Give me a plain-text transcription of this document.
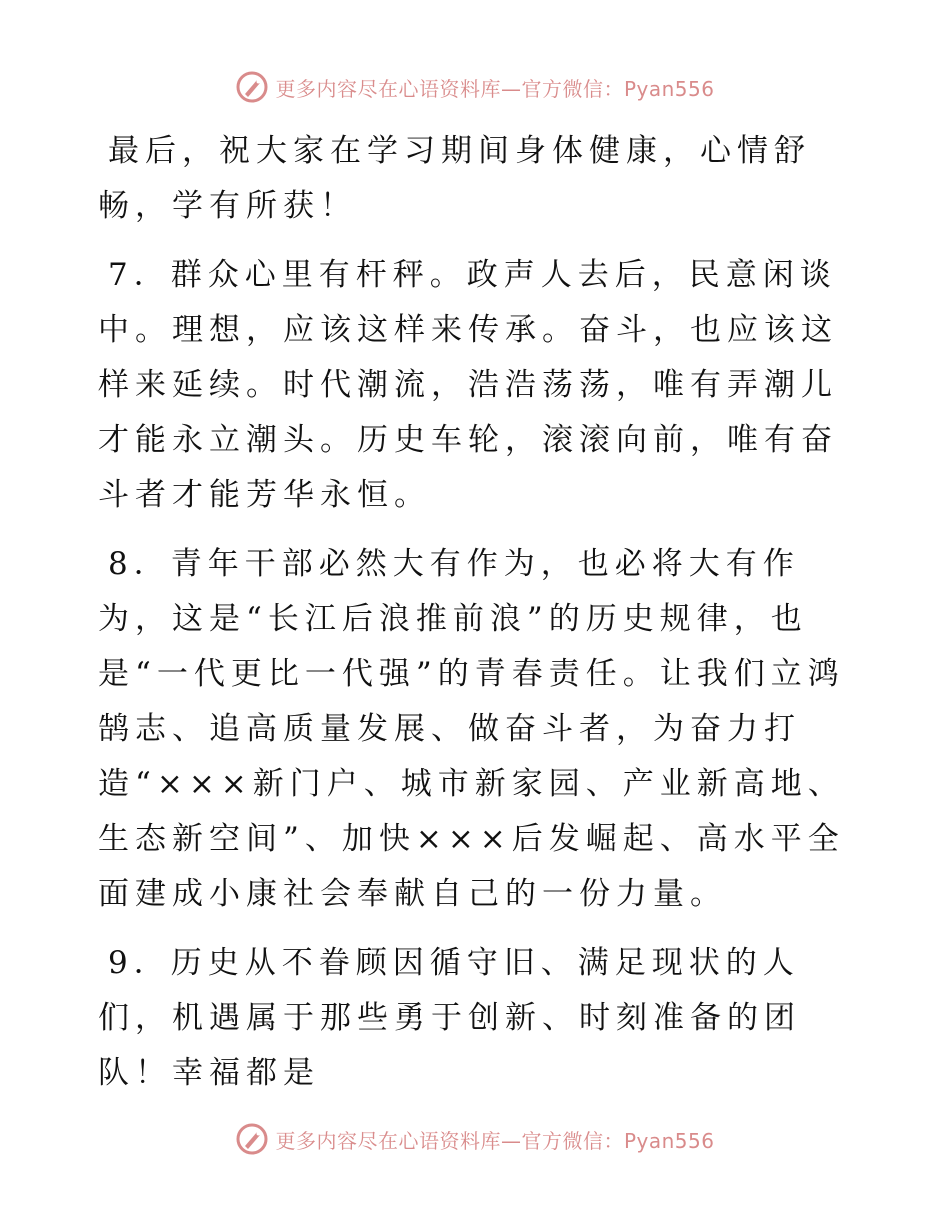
更多内容尽在心语资料库—官方微信：Pyan556

最后，祝大家在学习期间身体健康，心情舒畅，学有所获！

7．群众心里有杆秤。政声人去后，民意闲谈中。理想，应该这样来传承。奋斗，也应该这样来延续。时代潮流，浩浩荡荡，唯有弄潮儿才能永立潮头。历史车轮，滚滚向前，唯有奋斗者才能芳华永恒。

8．青年干部必然大有作为，也必将大有作为，这是“长江后浪推前浪”的历史规律，也是“一代更比一代强”的青春责任。让我们立鸿鹄志、追高质量发展、做奋斗者，为奋力打造“×××新门户、城市新家园、产业新高地、生态新空间”、加快×××后发崛起、高水平全面建成小康社会奉献自己的一份力量。

9．历史从不眷顾因循守旧、满足现状的人们，机遇属于那些勇于创新、时刻准备的团队！幸福都是

更多内容尽在心语资料库—官方微信：Pyan556
